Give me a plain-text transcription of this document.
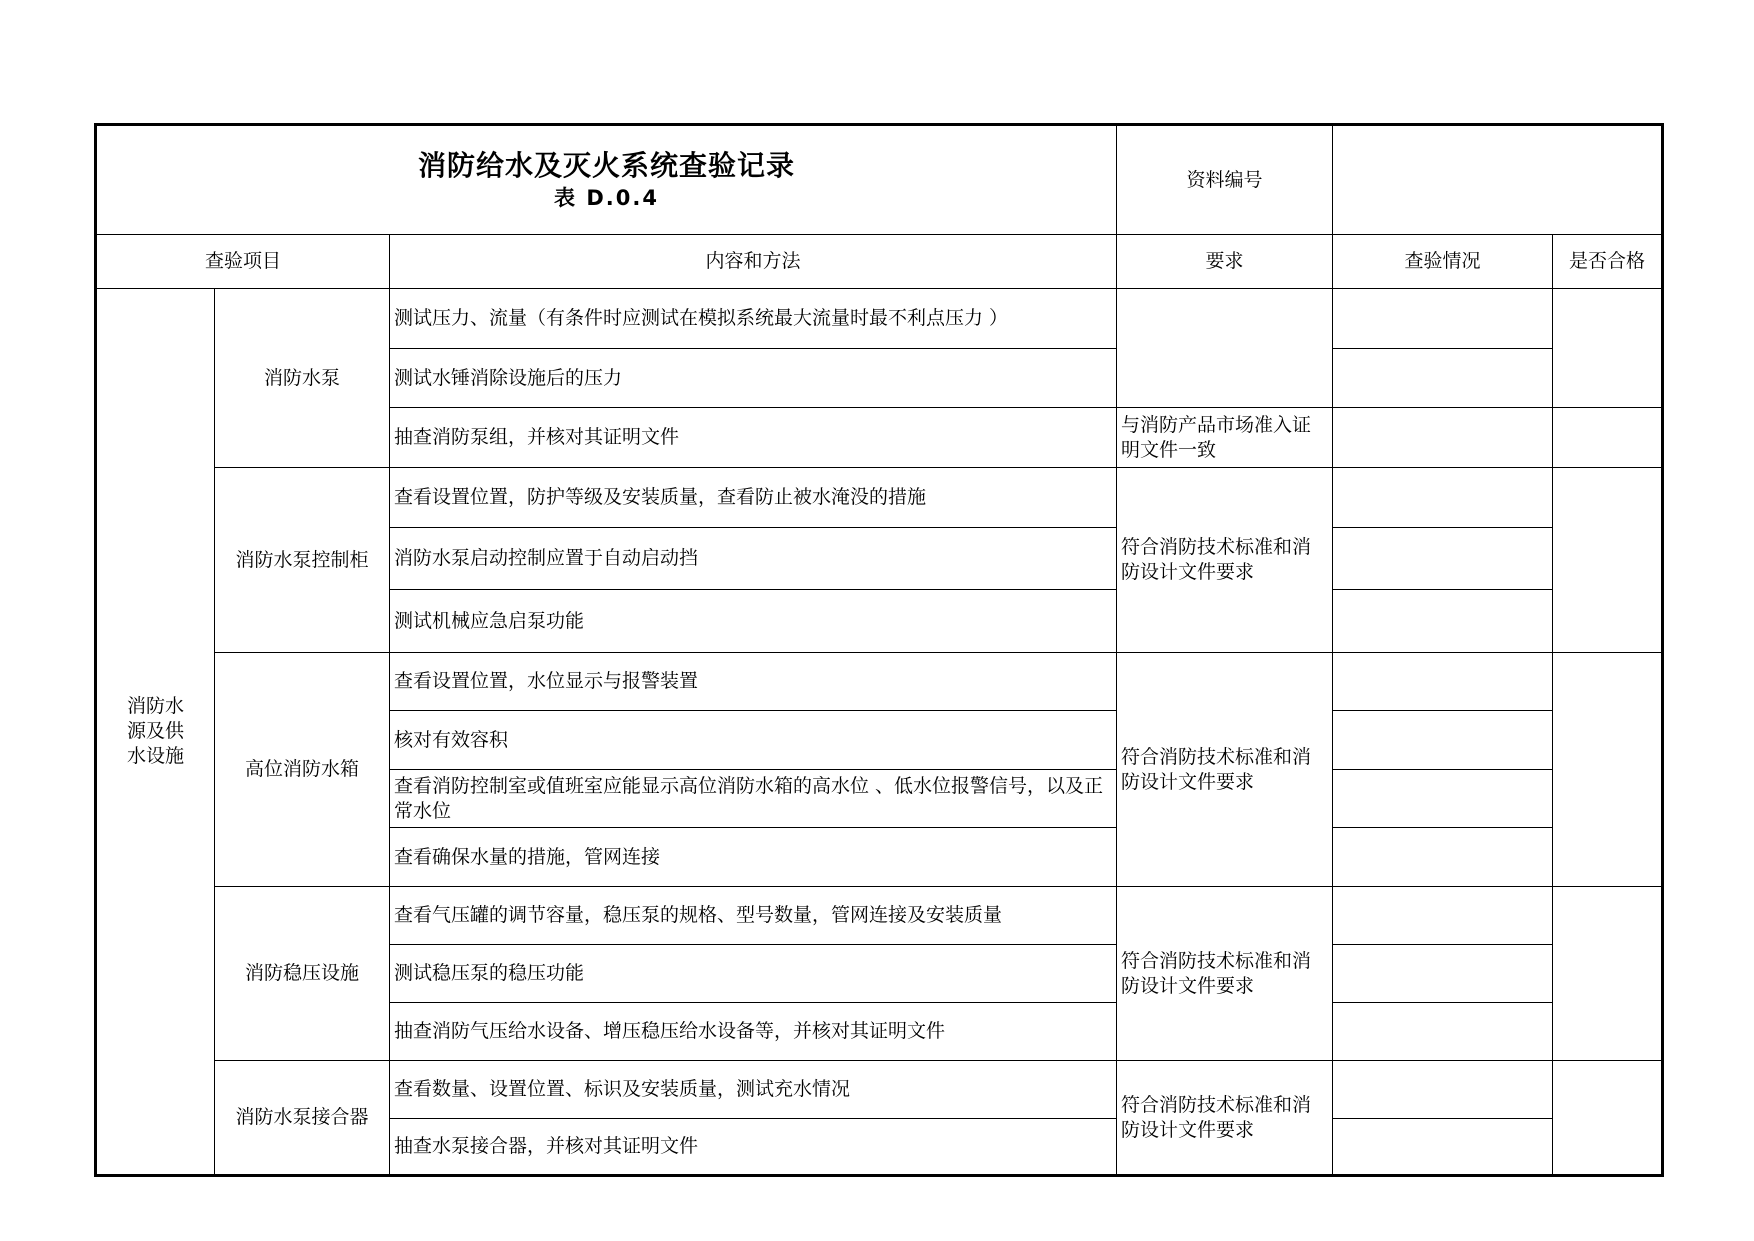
消防给水及灭火系统查验记录
表 D.0.4			资料编号		
查验项目		内容和方法	要求	查验情况	是否合格
消防水源及供水设施	消防水泵	测试压力、流量（有条件时应测试在模拟系统最大流量时最不利点压力 ）			
		测试水锤消除设施后的压力			
		抽查消防泵组，并核对其证明文件	与消防产品市场准入证明文件一致		
	消防水泵控制柜	查看设置位置，防护等级及安装质量，查看防止被水淹没的措施	符合消防技术标准和消防设计文件要求		
		消防水泵启动控制应置于自动启动挡			
		测试机械应急启泵功能			
	高位消防水箱	查看设置位置，水位显示与报警装置	符合消防技术标准和消防设计文件要求		
		核对有效容积			
		查看消防控制室或值班室应能显示高位消防水箱的高水位 、低水位报警信号，以及正常水位			
		查看确保水量的措施，管网连接			
	消防稳压设施	查看气压罐的调节容量，稳压泵的规格、型号数量，管网连接及安装质量	符合消防技术标准和消防设计文件要求		
		测试稳压泵的稳压功能			
		抽查消防气压给水设备、增压稳压给水设备等，并核对其证明文件			
	消防水泵接合器	查看数量、设置位置、标识及安装质量，测试充水情况	符合消防技术标准和消防设计文件要求		
		抽查水泵接合器，并核对其证明文件			
